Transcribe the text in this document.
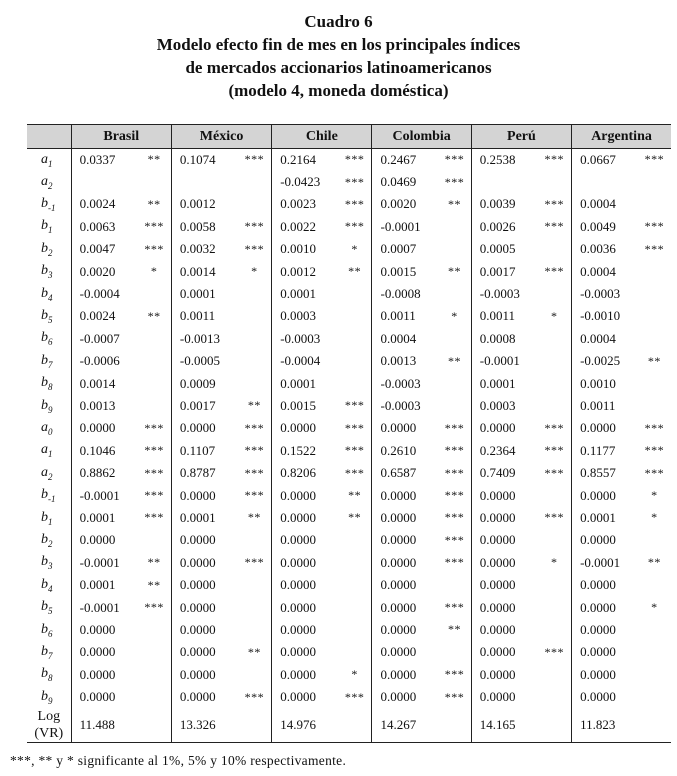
Cuadro 6
Modelo efecto fin de mes en los principales índices
de mercados accionarios latinoamericanos
(modelo 4, moneda doméstica)
	Brasil		México		Chile		Colombia		Perú		Argentina	
$a_1$	0.0337	**	0.1074	***	0.2164	***	0.2467	***	0.2538	***	0.0667	***
$a_2$					-0.0423	***	0.0469	***				
$b_{-1}$	0.0024	**	0.0012		0.0023	***	0.0020	**	0.0039	***	0.0004	
$b_1$	0.0063	***	0.0058	***	0.0022	***	-0.0001		0.0026	***	0.0049	***
$b_2$	0.0047	***	0.0032	***	0.0010	*	0.0007		0.0005		0.0036	***
$b_3$	0.0020	*	0.0014	*	0.0012	**	0.0015	**	0.0017	***	0.0004	
$b_4$	-0.0004		0.0001		0.0001		-0.0008		-0.0003		-0.0003	
$b_5$	0.0024	**	0.0011		0.0003		0.0011	*	0.0011	*	-0.0010	
$b_6$	-0.0007		-0.0013		-0.0003		0.0004		0.0008		0.0004	
$b_7$	-0.0006		-0.0005		-0.0004		0.0013	**	-0.0001		-0.0025	**
$b_8$	0.0014		0.0009		0.0001		-0.0003		0.0001		0.0010	
$b_9$	0.0013		0.0017	**	0.0015	***	-0.0003		0.0003		0.0011	
$a_0$	0.0000	***	0.0000	***	0.0000	***	0.0000	***	0.0000	***	0.0000	***
$a_1$	0.1046	***	0.1107	***	0.1522	***	0.2610	***	0.2364	***	0.1177	***
$a_2$	0.8862	***	0.8787	***	0.8206	***	0.6587	***	0.7409	***	0.8557	***
$b_{-1}$	-0.0001	***	0.0000	***	0.0000	**	0.0000	***	0.0000		0.0000	*
$b_1$	0.0001	***	0.0001	**	0.0000	**	0.0000	***	0.0000	***	0.0001	*
$b_2$	0.0000		0.0000		0.0000		0.0000	***	0.0000		0.0000	
$b_3$	-0.0001	**	0.0000	***	0.0000		0.0000	***	0.0000	*	-0.0001	**
$b_4$	0.0001	**	0.0000		0.0000		0.0000		0.0000		0.0000	
$b_5$	-0.0001	***	0.0000		0.0000		0.0000	***	0.0000		0.0000	*
$b_6$	0.0000		0.0000		0.0000		0.0000	**	0.0000		0.0000	
$b_7$	0.0000		0.0000	**	0.0000		0.0000		0.0000	***	0.0000	
$b_8$	0.0000		0.0000		0.0000	*	0.0000	***	0.0000		0.0000	
$b_9$	0.0000		0.0000	***	0.0000	***	0.0000	***	0.0000		0.0000	

Log
(VR)	11.488		13.326		14.976		14.267		14.165		11.823	
***, ** y * significante al 1%, 5% y 10% respectivamente.
